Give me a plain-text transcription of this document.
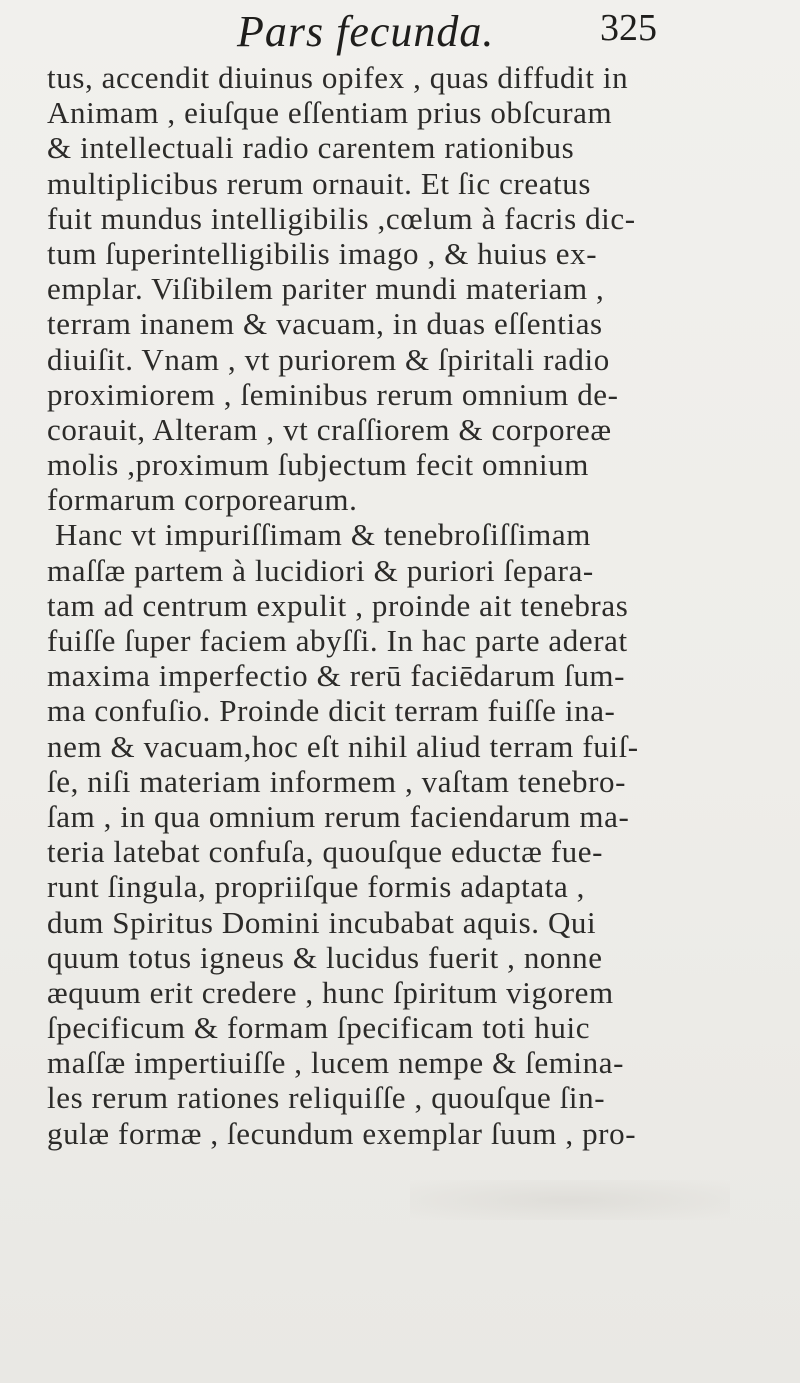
Pars fecunda.	325
tus, accendit diuinus opifex , quas diffudit in
Animam , eiuſque eſſentiam prius obſcuram
& intellectuali radio carentem rationibus
multiplicibus rerum ornauit. Et ſic creatus
fuit mundus intelligibilis ,cœlum à facris dic-
tum ſuperintelligibilis imago , & huius ex-
emplar. Viſibilem pariter mundi materiam ,
terram inanem & vacuam, in duas eſſentias
diuiſit. Vnam , vt puriorem & ſpiritali radio
proximiorem , ſeminibus rerum omnium de-
corauit, Alteram , vt craſſiorem & corporeæ
molis ,proximum ſubjectum fecit omnium
formarum corporearum.
Hanc vt impuriſſimam & tenebroſiſſimam
maſſæ partem à lucidiori & puriori ſepara-
tam ad centrum expulit , proinde ait tenebras
fuiſſe ſuper faciem abyſſi. In hac parte aderat
maxima imperfectio & rerū faciēdarum ſum-
ma confuſio. Proinde dicit terram fuiſſe ina-
nem & vacuam,hoc eſt nihil aliud terram fuiſ-
ſe, niſi materiam informem , vaſtam tenebro-
ſam , in qua omnium rerum faciendarum ma-
teria latebat confuſa, quouſque eductæ fue-
runt ſingula, propriiſque formis adaptata ,
dum Spiritus Domini incubabat aquis. Qui
quum totus igneus & lucidus fuerit , nonne
æquum erit credere , hunc ſpiritum vigorem
ſpecificum & formam ſpecificam toti huic
maſſæ impertiuiſſe , lucem nempe & ſemina-
les rerum rationes reliquiſſe , quouſque ſin-
gulæ formæ , ſecundum exemplar ſuum , pro-
